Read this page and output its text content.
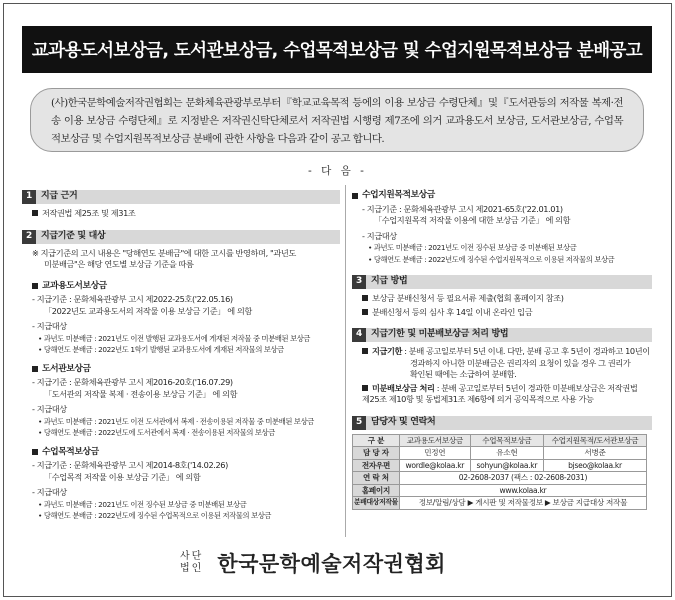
교과용도서보상금, 도서관보상금, 수업목적보상금 및 수업지원목적보상금 분배공고
(사)한국문학예술저작권협회는 문화체육관광부로부터『학교교육목적 등에의 이용 보상금 수령단체』및『도서관등의 저작물 복제·전송 이용 보상금 수령단체』로 지정받은 저작권신탁단체로서 저작권법 시행령 제7조에 의거 교과용도서 보상금, 도서관보상금, 수업목적보상금 및 수업지원목적보상금 분배에 관한 사항을 다음과 같이 공고 합니다.
- 다 음 -
1	지급 근거
저작권법 제25조 및 제31조
2	지급기준 및 대상
※ 지급기준의 고시 내용은 "당해연도 분배금"에 대한 고시를 반영하며, "과년도
미분배금"은 해당 연도별 보상금 기준을 따름
교과용도서보상금
- 지급기준 : 문화체육관광부 고시 제2022-25호('22.05.16)
「2022년도 교과용도서의 저작물 이용 보상금 기준」 에 의함
- 지급대상
• 과년도 미분배금 : 2021년도 이전 발행된 교과용도서에 게재된 저작물 중 미분배된 보상금
• 당해연도 분배금 : 2022년도 1학기 발행된 교과용도서에 게재된 저작물의 보상금
도서관보상금
- 지급기준 : 문화체육관광부 고시 제2016-20호('16.07.29)
「도서관의 저작물 복제 · 전송이용 보상금 기준」 에 의함
- 지급대상
• 과년도 미분배금 : 2021년도 이전 도서관에서 복제 · 전송이용된 저작물 중 미분배된 보상금
• 당해연도 분배금 : 2022년도에 도서관에서 복제 · 전송이용된 저작물의 보상금
수업목적보상금
- 지급기준 : 문화체육관광부 고시 제2014-8호('14.02.26)
「수업목적 저작물 이용 보상금 기준」 에 의함
- 지급대상
• 과년도 미분배금 : 2021년도 이전 징수된 보상금 중 미분배된 보상금
• 당해연도 분배금 : 2022년도에 징수된 수업목적으로 이용된 저작물의 보상금
수업지원목적보상금
- 지급기준 : 문화체육관광부 고시 제2021-65호('22.01.01)
「수업지원목적 저작물 이용에 대한 보상금 기준」 에 의함
- 지급대상
• 과년도 미분배금 : 2021년도 이전 징수된 보상금 중 미분배된 보상금
• 당해연도 분배금 : 2022년도에 징수된 수업지원목적으로 이용된 저작물의 보상금
3	지급 방법
보상금 분배신청서 등 필요서류 제출(협회 홈페이지 참조)
분배신청서 등의 심사 후 14일 이내 온라인 입금
4	지급기한 및 미분배보상금 처리 방법
지급기한 : 분배 공고일로부터 5년 이내. 다만, 분배 공고 후 5년이 경과하고 10년이
경과하지 아니한 미분배금은 권리자의 요청이 있을 경우 그 권리가
확인된 때에는 소급하여 분배함.
미분배보상금 처리 : 분배 공고일로부터 5년이 경과한 미분배보상금은 저작권법
제25조 제10항 및 동법제31조 제6항에 의거 공익목적으로 사용 가능
5	담당자 및 연락처
구 분	교과용도서보상금	수업목적보상금	수업지원목적/도서관보상금
담 당 자	민정연	유소현	서병준
전자우편	wordle@kolaa.kr	sohyun@kolaa.kr	bjseo@kolaa.kr
연 락 처	02-2608-2037 (팩스 : 02-2608-2031)		
홈페이지	www.kolaa.kr		
분배대상저작물	정보/알림/상담 ▶ 게시판 및 저작물정보 ▶ 보상금 지급대상 저작물		
사단
법인 한국문학예술저작권협회
